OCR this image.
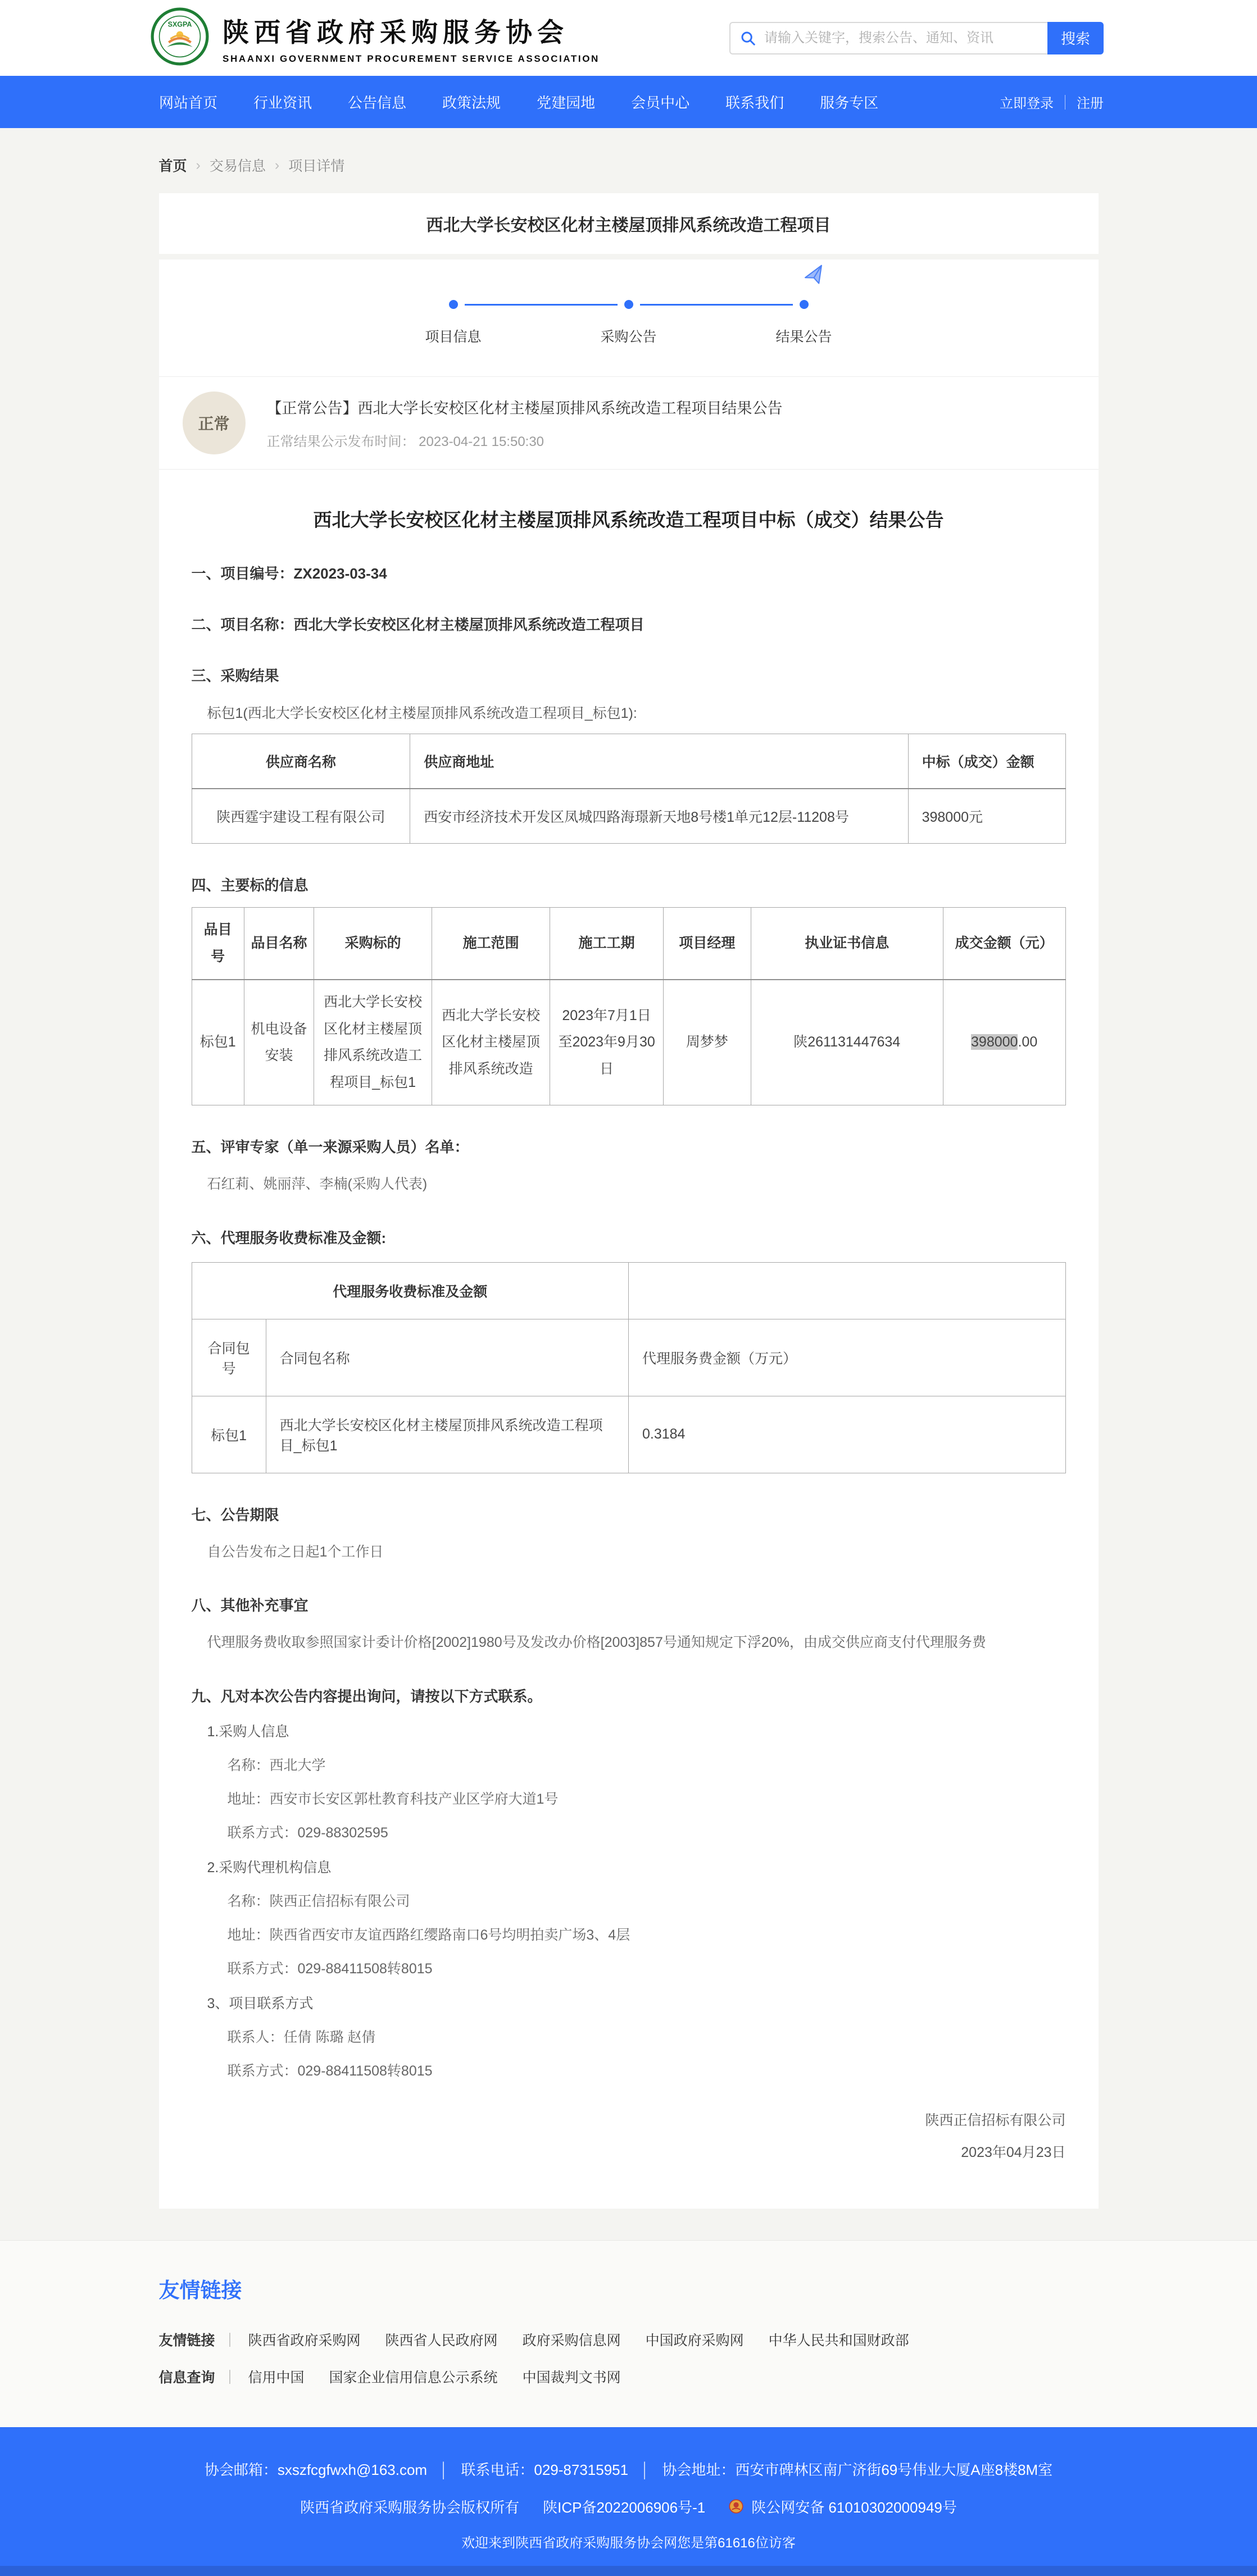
SXGPA 陕西省政府采购服务协会
SHAANXI GOVERNMENT PROCUREMENT SERVICE ASSOCIATION
请输入关键字，搜索公告、通知、资讯
搜索
网站首页 行业资讯 公告信息 政策法规 党建园地 会员中心 联系我们 服务专区	立即登录 注册
首页 › 交易信息 › 项目详情
西北大学长安校区化材主楼屋顶排风系统改造工程项目
项目信息	采购公告	结果公告
正常
【正常公告】西北大学长安校区化材主楼屋顶排风系统改造工程项目结果公告
正常结果公示发布时间： 2023-04-21 15:50:30
西北大学长安校区化材主楼屋顶排风系统改造工程项目中标（成交）结果公告
一、项目编号：ZX2023-03-34
二、项目名称：西北大学长安校区化材主楼屋顶排风系统改造工程项目
三、采购结果
标包1(西北大学长安校区化材主楼屋顶排风系统改造工程项目_标包1):
供应商名称	供应商地址	中标（成交）金额
陕西霆宇建设工程有限公司	西安市经济技术开发区凤城四路海璟新天地8号楼1单元12层-11208号	398000元
四、主要标的信息
品目号	品目名称	采购标的	施工范围	施工工期	项目经理	执业证书信息	成交金额（元）
标包1	机电设备安装	西北大学长安校区化材主楼屋顶排风系统改造工程项目_标包1	西北大学长安校区化材主楼屋顶排风系统改造	2023年7月1日至2023年9月30日	周梦梦	陕261131447634	398000.00
五、评审专家（单一来源采购人员）名单：
石红莉、姚丽萍、李楠(采购人代表)
六、代理服务收费标准及金额:
代理服务收费标准及金额		
合同包号	合同包名称	代理服务费金额（万元）
标包1	西北大学长安校区化材主楼屋顶排风系统改造工程项目_标包1	0.3184
七、公告期限
自公告发布之日起1个工作日
八、其他补充事宜
代理服务费收取参照国家计委计价格[2002]1980号及发改办价格[2003]857号通知规定下浮20%，由成交供应商支付代理服务费
九、凡对本次公告内容提出询问，请按以下方式联系。
1.采购人信息
名称：西北大学
地址：西安市长安区郭杜教育科技产业区学府大道1号
联系方式：029-88302595
2.采购代理机构信息
名称：陕西正信招标有限公司
地址：陕西省西安市友谊西路红缨路南口6号均明拍卖广场3、4层
联系方式：029-88411508转8015
3、项目联系方式
联系人：任倩 陈璐 赵倩
联系方式：029-88411508转8015
陕西正信招标有限公司
2023年04月23日
友情链接
友情链接 ｜ 陕西省政府采购网 陕西省人民政府网 政府采购信息网 中国政府采购网 中华人民共和国财政部
信息查询 ｜ 信用中国 国家企业信用信息公示系统 中国裁判文书网
协会邮箱：sxszfcgfwxh@163.com │ 联系电话：029-87315951 │ 协会地址：西安市碑林区南广济街69号伟业大厦A座8楼8M室
陕西省政府采购服务协会版权所有 陕ICP备2022006906号-1	陕公网安备 61010302000949号
欢迎来到陕西省政府采购服务协会网您是第61616位访客
